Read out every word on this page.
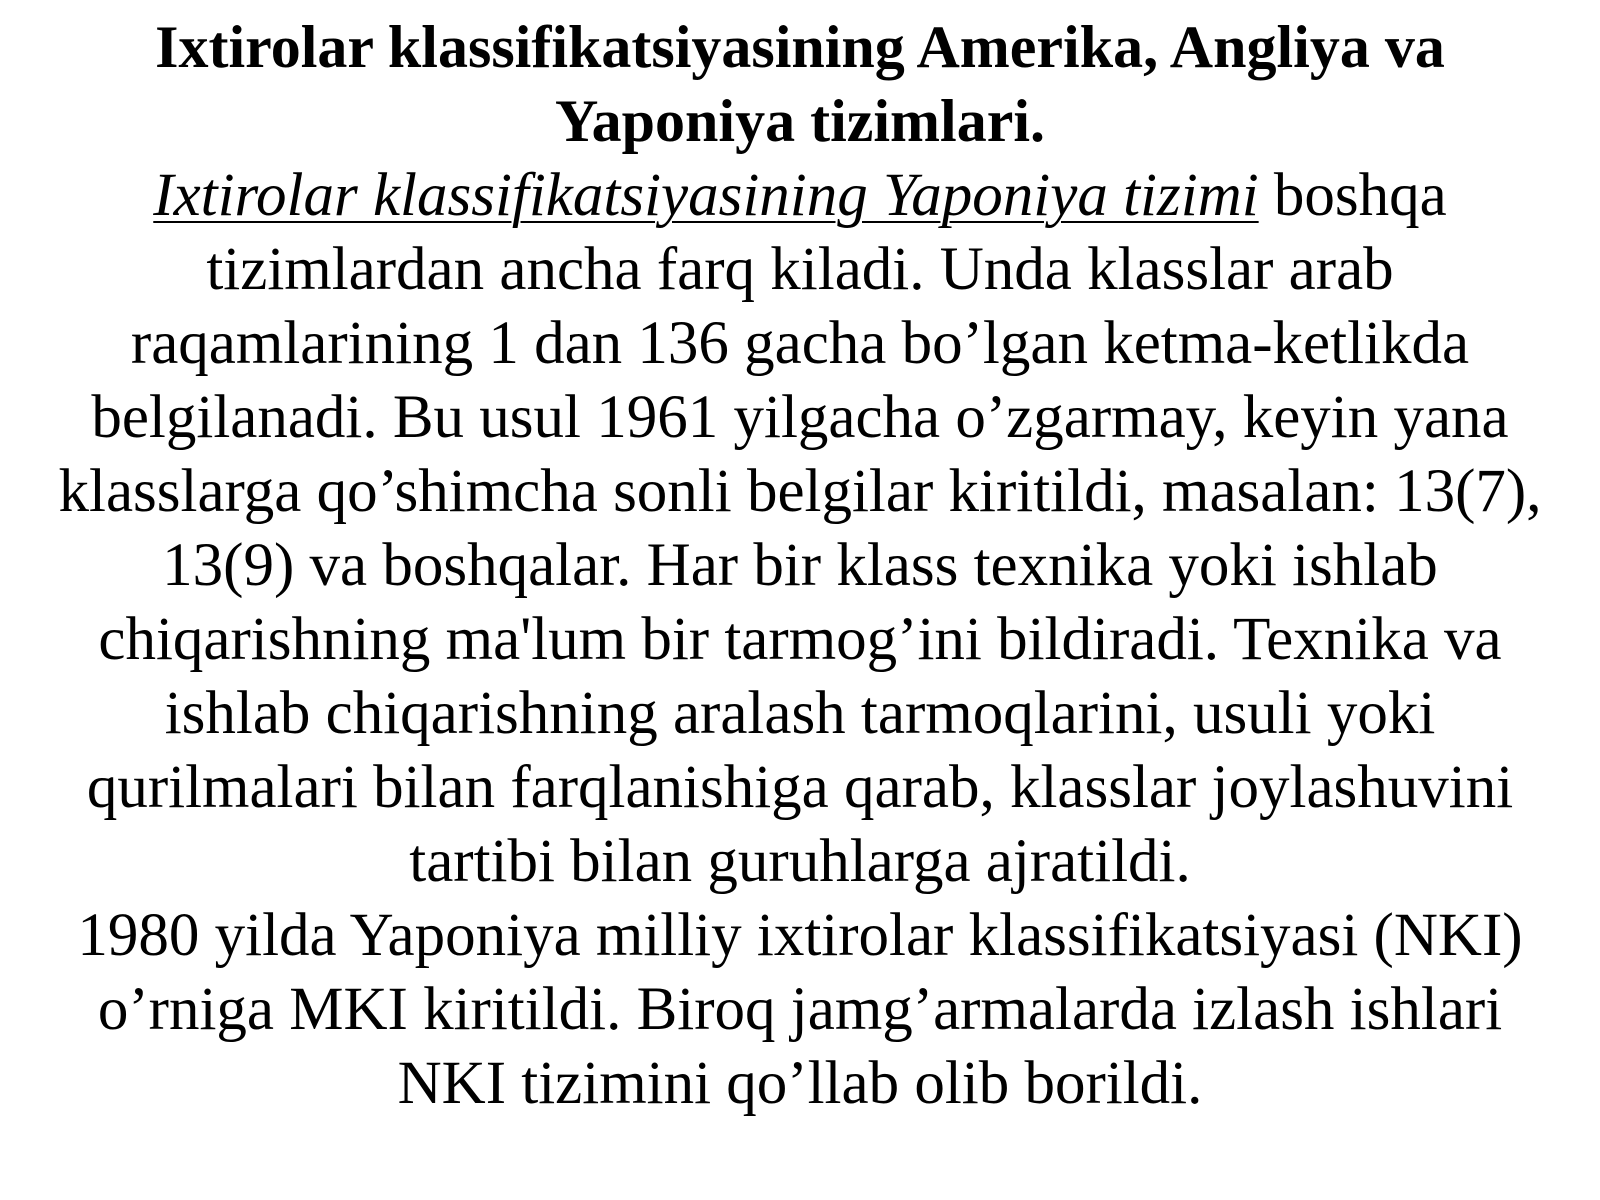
Ixtirolar klassifikatsiyasining Amerika, Angliya va Yaponiya tizimlari.

Ixtirolar klassifikatsiyasining Yaponiya tizimi boshqa tizimlardan ancha farq kiladi. Unda klasslar arab raqamlarining 1 dan 136 gacha bo’lgan ketma-ketlikda belgilanadi. Bu usul 1961 yilgacha o’zgarmay, keyin yana klasslarga qo’shimcha sonli belgilar kiritildi, masalan: 13(7), 13(9) va boshqalar. Har bir klass texnika yoki ishlab chiqarishning ma'lum bir tarmog’ini bildiradi. Texnika va ishlab chiqarishning aralash tarmoqlarini, usuli yoki qurilmalari bilan farqlanishiga qarab, klasslar joylashuvini tartibi bilan guruhlarga ajratildi.

1980 yilda Yaponiya milliy ixtirolar klassifikatsiyasi (NKI) o’rniga MKI kiritildi. Biroq jamg’armalarda izlash ishlari NKI tizimini qo’llab olib borildi.
